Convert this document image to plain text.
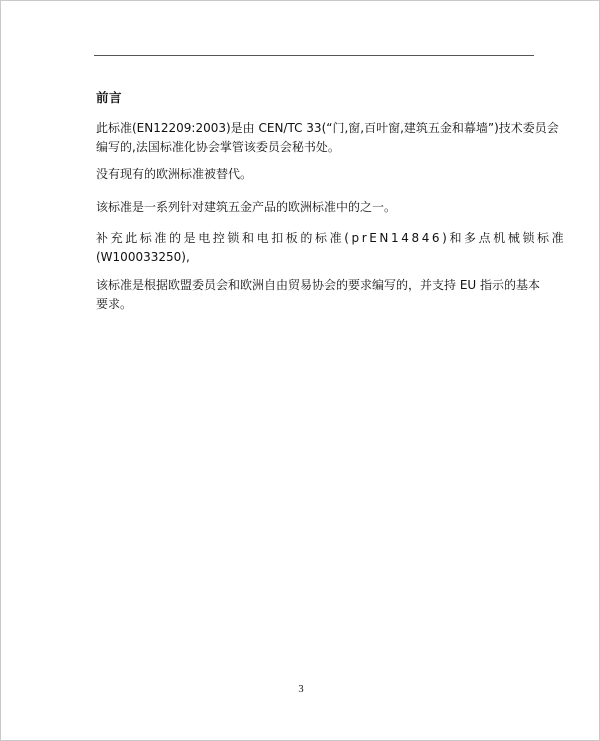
前言
此标准(EN12209:2003)是由 CEN/TC 33(“门,窗,百叶窗,建筑五金和幕墙”)技术委员会
编写的,法国标准化协会掌管该委员会秘书处。
没有现有的欧洲标准被替代。
该标准是一系列针对建筑五金产品的欧洲标准中的之一。
补充此标准的是电控锁和电扣板的标准(prEN14846)和多点机械锁标准
(W100033250),
该标准是根据欧盟委员会和欧洲自由贸易协会的要求编写的，并支持 EU 指示的基本
要求。
3
